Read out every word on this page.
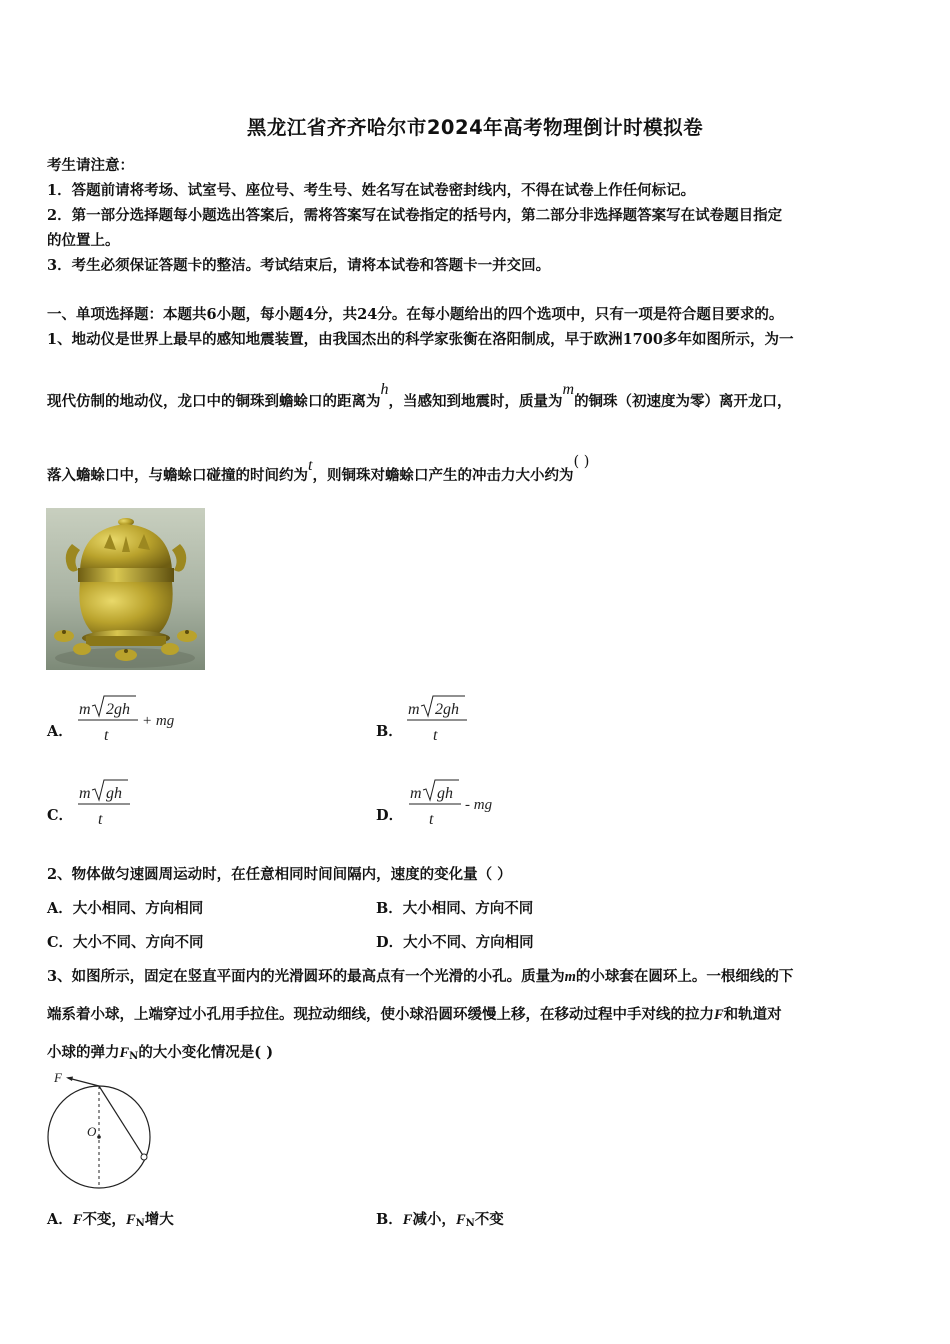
黑龙江省齐齐哈尔市2024年高考物理倒计时模拟卷
考生请注意：
1．答题前请将考场、试室号、座位号、考生号、姓名写在试卷密封线内，不得在试卷上作任何标记。
2．第一部分选择题每小题选出答案后，需将答案写在试卷指定的括号内，第二部分非选择题答案写在试卷题目指定
的位置上。
3．考生必须保证答题卡的整洁。考试结束后，请将本试卷和答题卡一并交回。
一、单项选择题：本题共6小题，每小题4分，共24分。在每小题给出的四个选项中，只有一项是符合题目要求的。
1、地动仪是世界上最早的感知地震装置，由我国杰出的科学家张衡在洛阳制成，早于欧洲1700多年如图所示，为一
现代仿制的地动仪，龙口中的铜珠到蟾蜍口的距离为h，当感知到地震时，质量为m的铜珠（初速度为零）离开龙口，
落入蟾蜍口中，与蟾蜍口碰撞的时间约为t，则铜珠对蟾蜍口产生的冲击力大小约为( )
A．
m 2gh
t
+ mg
B．
m 2gh
t
C．
m gh
t	D．
m gh
t
- mg
2、物体做匀速圆周运动时，在任意相同时间间隔内，速度的变化量（ ）
A．大小相同、方向相同	B．大小相同、方向不同
C．大小不同、方向不同	D．大小不同、方向相同
3、如图所示，固定在竖直平面内的光滑圆环的最高点有一个光滑的小孔。质量为m的小球套在圆环上。一根细线的下
端系着小球，上端穿过小孔用手拉住。现拉动细线，使小球沿圆环缓慢上移，在移动过程中手对线的拉力F和轨道对
小球的弹力$F_N$的大小变化情况是( )
F
O
A．F不变，$F_N$增大	B．F减小，$F_N$不变
